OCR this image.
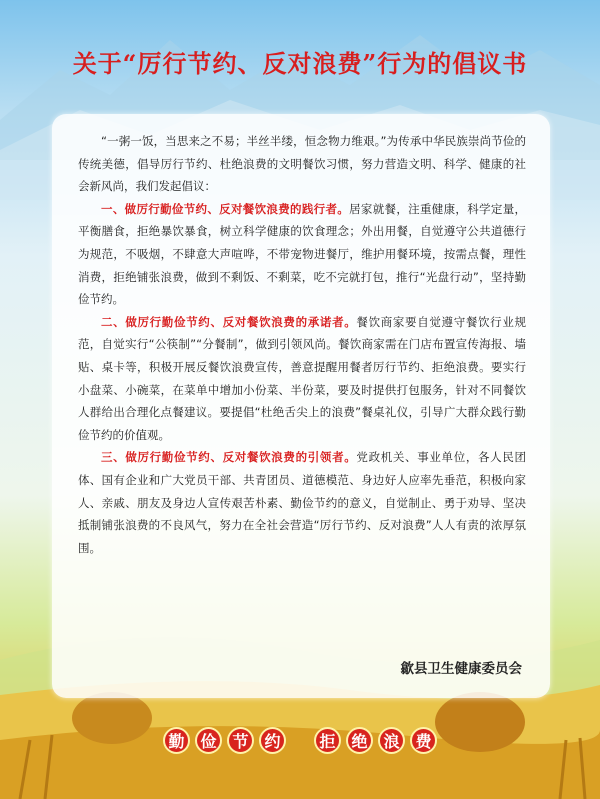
关于“厉行节约、反对浪费”行为的倡议书

“一粥一饭，当思来之不易；半丝半缕，恒念物力维艰。”为传承中华民族崇尚节俭的传统美德，倡导厉行节约、杜绝浪费的文明餐饮习惯，努力营造文明、科学、健康的社会新风尚，我们发起倡议：

一、做厉行勤俭节约、反对餐饮浪费的践行者。居家就餐，注重健康，科学定量，平衡膳食，拒绝暴饮暴食，树立科学健康的饮食理念；外出用餐，自觉遵守公共道德行为规范，不吸烟，不肆意大声喧哗，不带宠物进餐厅，维护用餐环境，按需点餐，理性消费，拒绝铺张浪费，做到不剩饭、不剩菜，吃不完就打包，推行“光盘行动”，坚持勤俭节约。

二、做厉行勤俭节约、反对餐饮浪费的承诺者。餐饮商家要自觉遵守餐饮行业规范，自觉实行“公筷制”“分餐制”，做到引领风尚。餐饮商家需在门店布置宣传海报、墙贴、桌卡等，积极开展反餐饮浪费宣传，善意提醒用餐者厉行节约、拒绝浪费。要实行小盘菜、小碗菜，在菜单中增加小份菜、半份菜，要及时提供打包服务，针对不同餐饮人群给出合理化点餐建议。要提倡“杜绝舌尖上的浪费”餐桌礼仪，引导广大群众践行勤俭节约的价值观。

三、做厉行勤俭节约、反对餐饮浪费的引领者。党政机关、事业单位，各人民团体、国有企业和广大党员干部、共青团员、道德模范、身边好人应率先垂范，积极向家人、亲戚、朋友及身边人宣传艰苦朴素、勤俭节约的意义，自觉制止、勇于劝导、坚决抵制铺张浪费的不良风气，努力在全社会营造“厉行节约、反对浪费”人人有责的浓厚氛围。

歙县卫生健康委员会
勤 俭 节 约	拒 绝 浪 费
